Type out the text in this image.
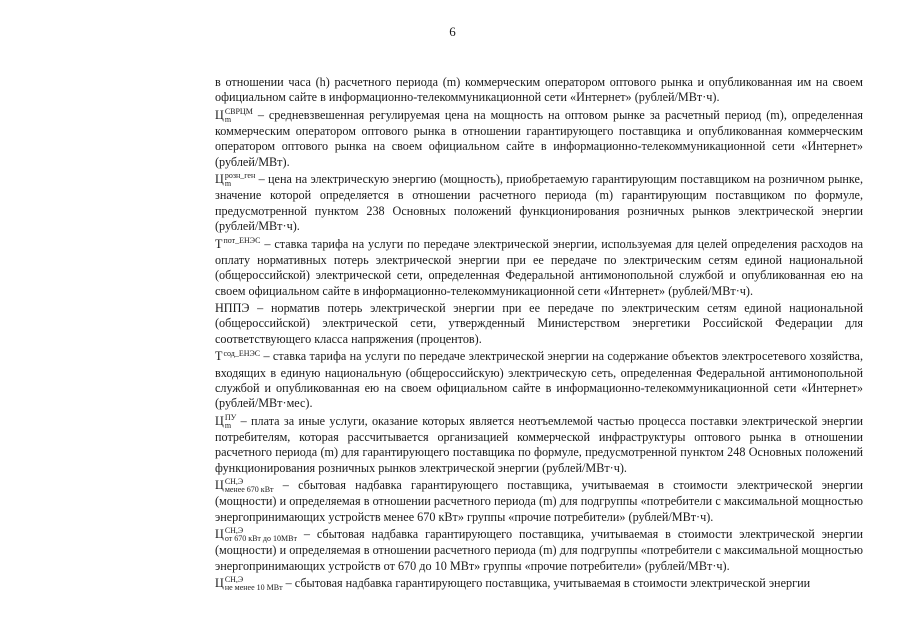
6

в отношении часа (h) расчетного периода (m) коммерческим оператором оптового рынка и опубликованная им на своем официальном сайте в информационно-телекоммуникационной сети «Интернет» (рублей/МВт·ч).

Ц СВРЦМ
m	– средневзвешенная регулируемая цена на мощность на оптовом рынке за расчетный период (m), определенная коммерческим оператором оптового рынка в отношении гарантирующего поставщика и опубликованная коммерческим оператором оптового рынка на своем официальном сайте в информационно-телекоммуникационной сети «Интернет» (рублей/МВт).

Ц розн_ген
m	– цена на электрическую энергию (мощность), приобретаемую гарантирующим поставщиком на розничном рынке, значение которой определяется в отношении расчетного периода (m) гарантирующим поставщиком по формуле, предусмотренной пунктом 238 Основных положений функционирования розничных рынков электрической энергии (рублей/МВт·ч).

T пот_ЕНЭС
– ставка тарифа на услуги по передаче электрической энергии, используемая для целей определения расходов на оплату нормативных потерь электрической энергии при ее передаче по электрическим сетям единой национальной (общероссийской) электрической сети, определенная Федеральной антимонопольной службой и опубликованная ею на своем официальном сайте в информационно-телекоммуникационной сети «Интернет» (рублей/МВт·ч).

НППЭ – норматив потерь электрической энергии при ее передаче по электрическим сетям единой национальной (общероссийской) электрической сети, утвержденный Министерством энергетики Российской Федерации для соответствующего класса напряжения (процентов).

T сод_ЕНЭС
– ставка тарифа на услуги по передаче электрической энергии на содержание объектов электросетевого хозяйства, входящих в единую национальную (общероссийскую) электрическую сеть, определенная Федеральной антимонопольной службой и опубликованная ею на своем официальном сайте в информационно-телекоммуникационной сети «Интернет» (рублей/МВт·мес).

Ц ПУ
m – плата за иные услуги, оказание которых является неотъемлемой частью процесса поставки электрической энергии потребителям, которая рассчитывается организацией коммерческой инфраструктуры оптового рынка в отношении расчетного периода (m) для гарантирующего поставщика по формуле, предусмотренной пунктом 248 Основных положений функционирования розничных рынков электрической энергии (рублей/МВт·ч).

Ц СН,Э
менее 670 кВт – сбытовая надбавка гарантирующего поставщика, учитываемая в стоимости электрической энергии (мощности) и определяемая в отношении расчетного периода (m) для подгруппы «потребители с максимальной мощностью энергопринимающих устройств менее 670 кВт» группы «прочие потребители» (рублей/МВт·ч).

Ц СН,Э
от 670 кВт до 10МВт – сбытовая надбавка гарантирующего поставщика, учитываемая в стоимости электрической энергии (мощности) и определяемая в отношении расчетного периода (m) для подгруппы «потребители с максимальной мощностью энергопринимающих устройств от 670 до 10 МВт» группы «прочие потребители» (рублей/МВт·ч).

Ц СН,Э
не менее 10 МВт – сбытовая надбавка гарантирующего поставщика, учитываемая в стоимости электрической энергии
